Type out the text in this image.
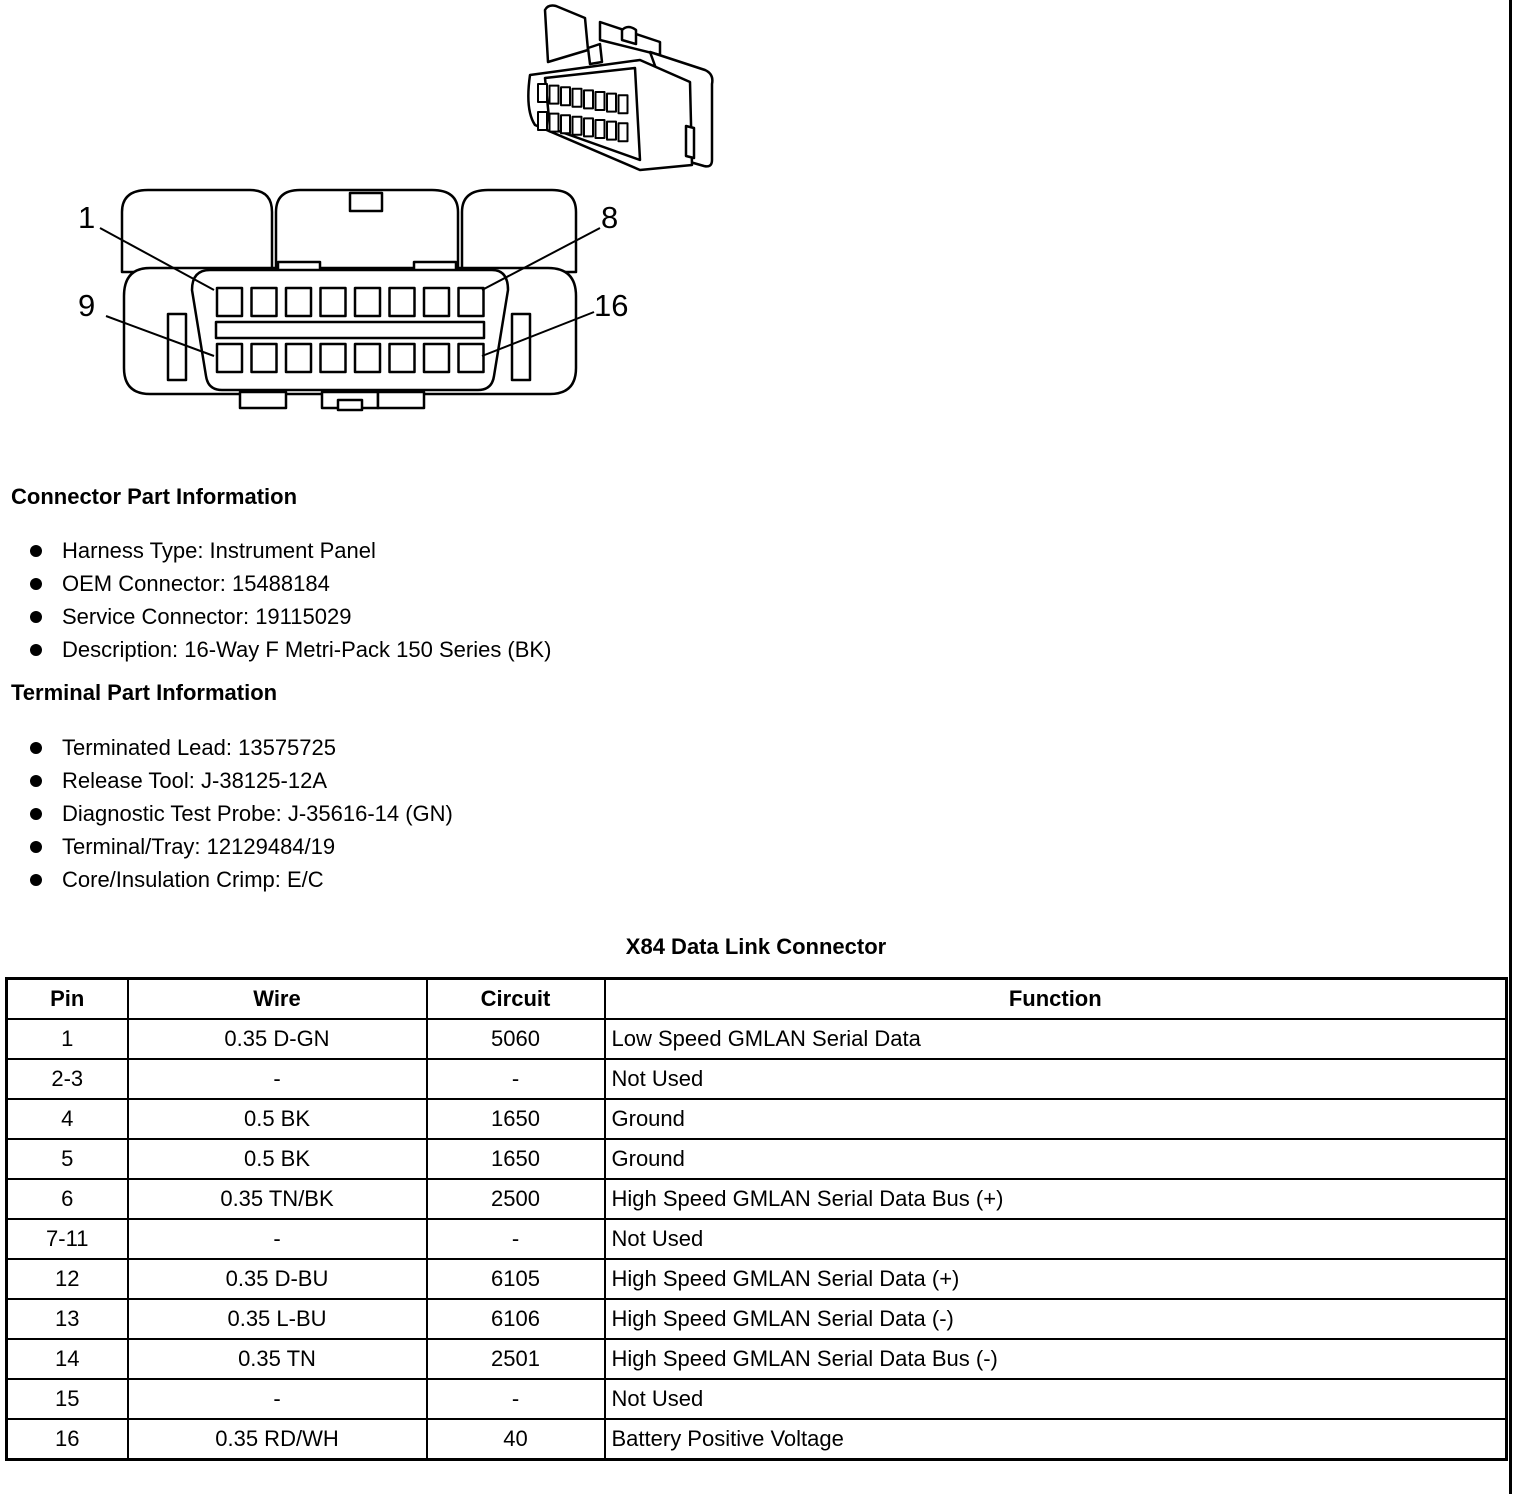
1	8
9	16
Connector Part Information
Harness Type: Instrument Panel
OEM Connector: 15488184
Service Connector: 19115029
Description: 16-Way F Metri-Pack 150 Series (BK)
Terminal Part Information
Terminated Lead: 13575725
Release Tool: J-38125-12A
Diagnostic Test Probe: J-35616-14 (GN)
Terminal/Tray: 12129484/19
Core/Insulation Crimp: E/C
X84 Data Link Connector
Pin	Wire	Circuit	Function
1	0.35 D-GN	5060	Low Speed GMLAN Serial Data
2-3	-	-	Not Used
4	0.5 BK	1650	Ground
5	0.5 BK	1650	Ground
6	0.35 TN/BK	2500	High Speed GMLAN Serial Data Bus (+)
7-11	-	-	Not Used
12	0.35 D-BU	6105	High Speed GMLAN Serial Data (+)
13	0.35 L-BU	6106	High Speed GMLAN Serial Data (-)
14	0.35 TN	2501	High Speed GMLAN Serial Data Bus (-)
15	-	-	Not Used
16	0.35 RD/WH	40	Battery Positive Voltage
